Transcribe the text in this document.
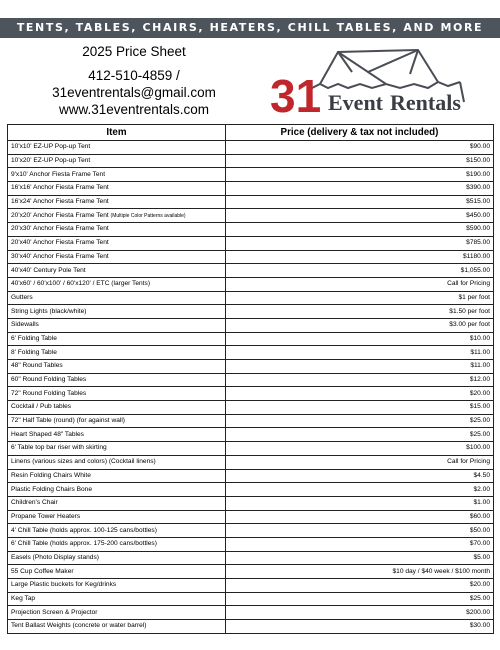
TENTS, TABLES, CHAIRS, HEATERS, CHILL TABLES, AND MORE
2025 Price Sheet
412-510-4859 /
31eventrentals@gmail.com
www.31eventrentals.com 31 Event Rentals
Item	Price (delivery & tax not included)
10'x10' EZ-UP Pop-up Tent	$90.00
10'x20' EZ-UP Pop-up Tent	$150.00
9'x10' Anchor Fiesta Frame Tent	$190.00
16'x16' Anchor Fiesta Frame Tent	$390.00
16'x24' Anchor Fiesta Frame Tent	$515.00
20'x20' Anchor Fiesta Frame Tent (Multiple Color Patterns available)	$450.00
20'x30' Anchor Fiesta Frame Tent	$590.00
20'x40' Anchor Fiesta Frame Tent	$785.00
30'x40' Anchor Fiesta Frame Tent	$1180.00
40'x40' Century Pole Tent	$1,055.00
40'x60' / 60'x100' / 60'x120' / ETC (larger Tents)	Call for Pricing
Gutters	$1 per foot
String Lights (black/white)	$1.50 per foot
Sidewalls	$3.00 per foot
6' Folding Table	$10.00
8' Folding Table	$11.00
48" Round Tables	$11.00
60" Round Folding Tables	$12.00
72" Round Folding Tables	$20.00
Cocktail / Pub tables	$15.00
72" Half Table (round) (for against wall)	$25.00
Heart Shaped 48" Tables	$25.00
6' Table top bar riser with skirting	$100.00
Linens (various sizes and colors) (Cocktail linens)	Call for Pricing
Resin Folding Chairs White	$4.50
Plastic Folding Chairs Bone	$2.00
Children's Chair	$1.00
Propane Tower Heaters	$60.00
4' Chill Table (holds approx. 100-125 cans/bottles)	$50.00
6' Chill Table (holds approx. 175-200 cans/bottles)	$70.00
Easels (Photo Display stands)	$5.00
55 Cup Coffee Maker	$10 day / $40 week / $100 month
Large Plastic buckets for Keg/drinks	$20.00
Keg Tap	$25.00
Projection Screen & Projector	$200.00
Tent Ballast Weights (concrete or water barrel)	$30.00
